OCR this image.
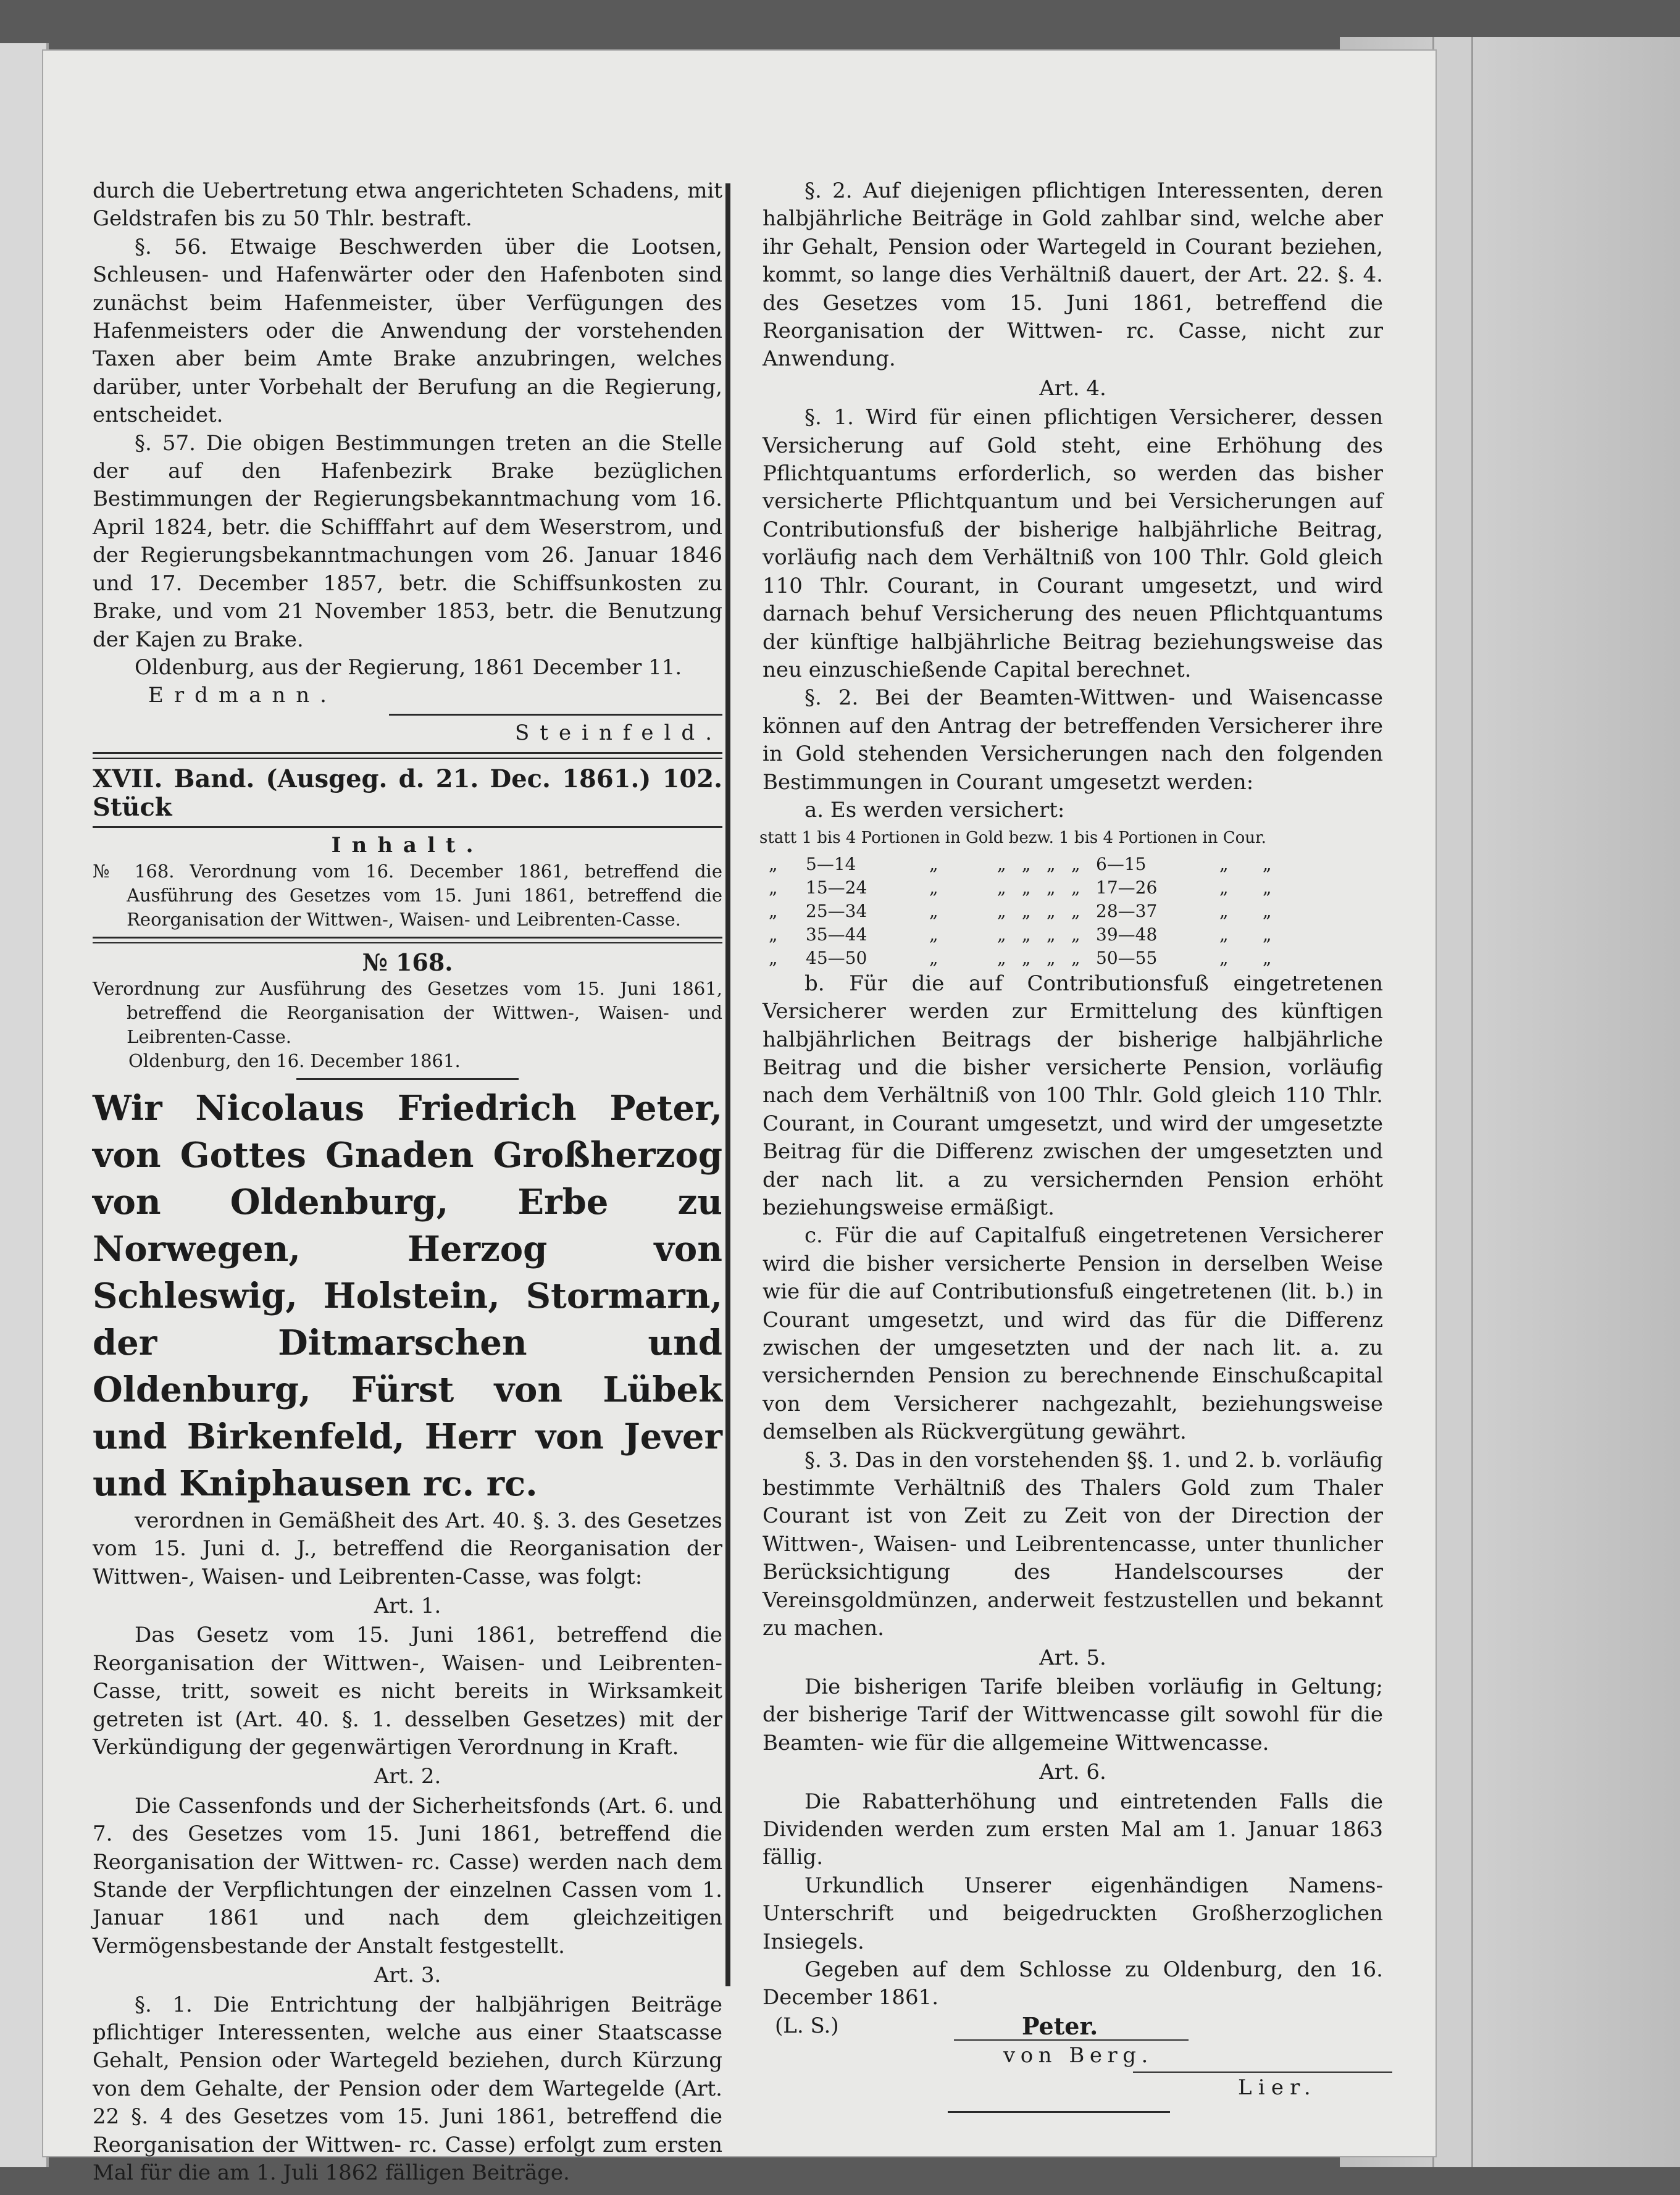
durch die Uebertretung etwa angerichteten Schadens, mit Geldstrafen bis zu 50 Thlr. bestraft.

§. 56. Etwaige Beschwerden über die Lootsen, Schleusen- und Hafenwärter oder den Hafenboten sind zunächst beim Hafenmeister, über Verfügungen des Hafenmeisters oder die Anwendung der vorstehenden Taxen aber beim Amte Brake anzubringen, welches darüber, unter Vorbehalt der Berufung an die Regierung, entscheidet.

§. 57. Die obigen Bestimmungen treten an die Stelle der auf den Hafenbezirk Brake bezüglichen Bestimmungen der Regierungsbekanntmachung vom 16. April 1824, betr. die Schifffahrt auf dem Weserstrom, und der Regierungsbekanntmachungen vom 26. Januar 1846 und 17. December 1857, betr. die Schiffsunkosten zu Brake, und vom 21 November 1853, betr. die Benutzung der Kajen zu Brake.

Oldenburg, aus der Regierung, 1861 December 11.

Erdmann.

Steinfeld.

XVII. Band. (Ausgeg. d. 21. Dec. 1861.) 102. Stück

Inhalt.

№ 168. Verordnung vom 16. December 1861, betreffend die Ausführung des Gesetzes vom 15. Juni 1861, betreffend die Reorganisation der Wittwen-, Waisen- und Leibrenten-Casse.

№ 168.

Verordnung zur Ausführung des Gesetzes vom 15. Juni 1861, betreffend die Reorganisation der Wittwen-, Waisen- und Leibrenten-Casse.

Oldenburg, den 16. December 1861.

Wir Nicolaus Friedrich Peter, von Gottes Gnaden Großherzog von Oldenburg, Erbe zu Norwegen, Herzog von Schleswig, Holstein, Stormarn, der Ditmarschen und Oldenburg, Fürst von Lübek und Birkenfeld, Herr von Jever und Kniphausen rc. rc.

verordnen in Gemäßheit des Art. 40. §. 3. des Gesetzes vom 15. Juni d. J., betreffend die Reorganisation der Wittwen-, Waisen- und Leibrenten-Casse, was folgt:

Art. 1.

Das Gesetz vom 15. Juni 1861, betreffend die Reorganisation der Wittwen-, Waisen- und Leibrenten-Casse, tritt, soweit es nicht bereits in Wirksamkeit getreten ist (Art. 40. §. 1. desselben Gesetzes) mit der Verkündigung der gegenwärtigen Verordnung in Kraft.

Art. 2.

Die Cassenfonds und der Sicherheitsfonds (Art. 6. und 7. des Gesetzes vom 15. Juni 1861, betreffend die Reorganisation der Wittwen- rc. Casse) werden nach dem Stande der Verpflichtungen der einzelnen Cassen vom 1. Januar 1861 und nach dem gleichzeitigen Vermögensbestande der Anstalt festgestellt.

Art. 3.

§. 1. Die Entrichtung der halbjährigen Beiträge pflichtiger Interessenten, welche aus einer Staatscasse Gehalt, Pension oder Wartegeld beziehen, durch Kürzung von dem Gehalte, der Pension oder dem Wartegelde (Art. 22 §. 4 des Gesetzes vom 15. Juni 1861, betreffend die Reorganisation der Wittwen- rc. Casse) erfolgt zum ersten Mal für die am 1. Juli 1862 fälligen Beiträge.

§. 2. Auf diejenigen pflichtigen Interessenten, deren halbjährliche Beiträge in Gold zahlbar sind, welche aber ihr Gehalt, Pension oder Wartegeld in Courant beziehen, kommt, so lange dies Verhältniß dauert, der Art. 22. §. 4. des Gesetzes vom 15. Juni 1861, betreffend die Reorganisation der Wittwen- rc. Casse, nicht zur Anwendung.

Art. 4.

§. 1. Wird für einen pflichtigen Versicherer, dessen Versicherung auf Gold steht, eine Erhöhung des Pflichtquantums erforderlich, so werden das bisher versicherte Pflichtquantum und bei Versicherungen auf Contributionsfuß der bisherige halbjährliche Beitrag, vorläufig nach dem Verhältniß von 100 Thlr. Gold gleich 110 Thlr. Courant, in Courant umgesetzt, und wird darnach behuf Versicherung des neuen Pflichtquantums der künftige halbjährliche Beitrag beziehungsweise das neu einzuschießende Capital berechnet.

§. 2. Bei der Beamten-Wittwen- und Waisencasse können auf den Antrag der betreffenden Versicherer ihre in Gold stehenden Versicherungen nach den folgenden Bestimmungen in Courant umgesetzt werden:

a. Es werden versichert:

statt 1 bis 4 Portionen in Gold bezw. 1 bis 4 Portionen in Cour.
„	5—14	„	„ „ „ „ 6—15	„	„
„	15—24	„	„ „ „ „ 17—26	„	„
„	25—34	„	„ „ „ „ 28—37	„	„
„	35—44	„	„ „ „ „ 39—48	„	„
„	45—50	„	„ „ „ „ 50—55	„	„

b. Für die auf Contributionsfuß eingetretenen Versicherer werden zur Ermittelung des künftigen halbjährlichen Beitrags der bisherige halbjährliche Beitrag und die bisher versicherte Pension, vorläufig nach dem Verhältniß von 100 Thlr. Gold gleich 110 Thlr. Courant, in Courant umgesetzt, und wird der umgesetzte Beitrag für die Differenz zwischen der umgesetzten und der nach lit. a zu versichernden Pension erhöht beziehungsweise ermäßigt.

c. Für die auf Capitalfuß eingetretenen Versicherer wird die bisher versicherte Pension in derselben Weise wie für die auf Contributionsfuß eingetretenen (lit. b.) in Courant umgesetzt, und wird das für die Differenz zwischen der umgesetzten und der nach lit. a. zu versichernden Pension zu berechnende Einschußcapital von dem Versicherer nachgezahlt, beziehungsweise demselben als Rückvergütung gewährt.

§. 3. Das in den vorstehenden §§. 1. und 2. b. vorläufig bestimmte Verhältniß des Thalers Gold zum Thaler Courant ist von Zeit zu Zeit von der Direction der Wittwen-, Waisen- und Leibrentencasse, unter thunlicher Berücksichtigung des Handelscourses der Vereinsgoldmünzen, anderweit festzustellen und bekannt zu machen.

Art. 5.

Die bisherigen Tarife bleiben vorläufig in Geltung; der bisherige Tarif der Wittwencasse gilt sowohl für die Beamten- wie für die allgemeine Wittwencasse.

Art. 6.

Die Rabatterhöhung und eintretenden Falls die Dividenden werden zum ersten Mal am 1. Januar 1863 fällig.

Urkundlich Unserer eigenhändigen Namens-Unterschrift und beigedruckten Großherzoglichen Insiegels.

Gegeben auf dem Schlosse zu Oldenburg, den 16. December 1861.

(L. S.)	Peter.
von Berg.
Lier.
